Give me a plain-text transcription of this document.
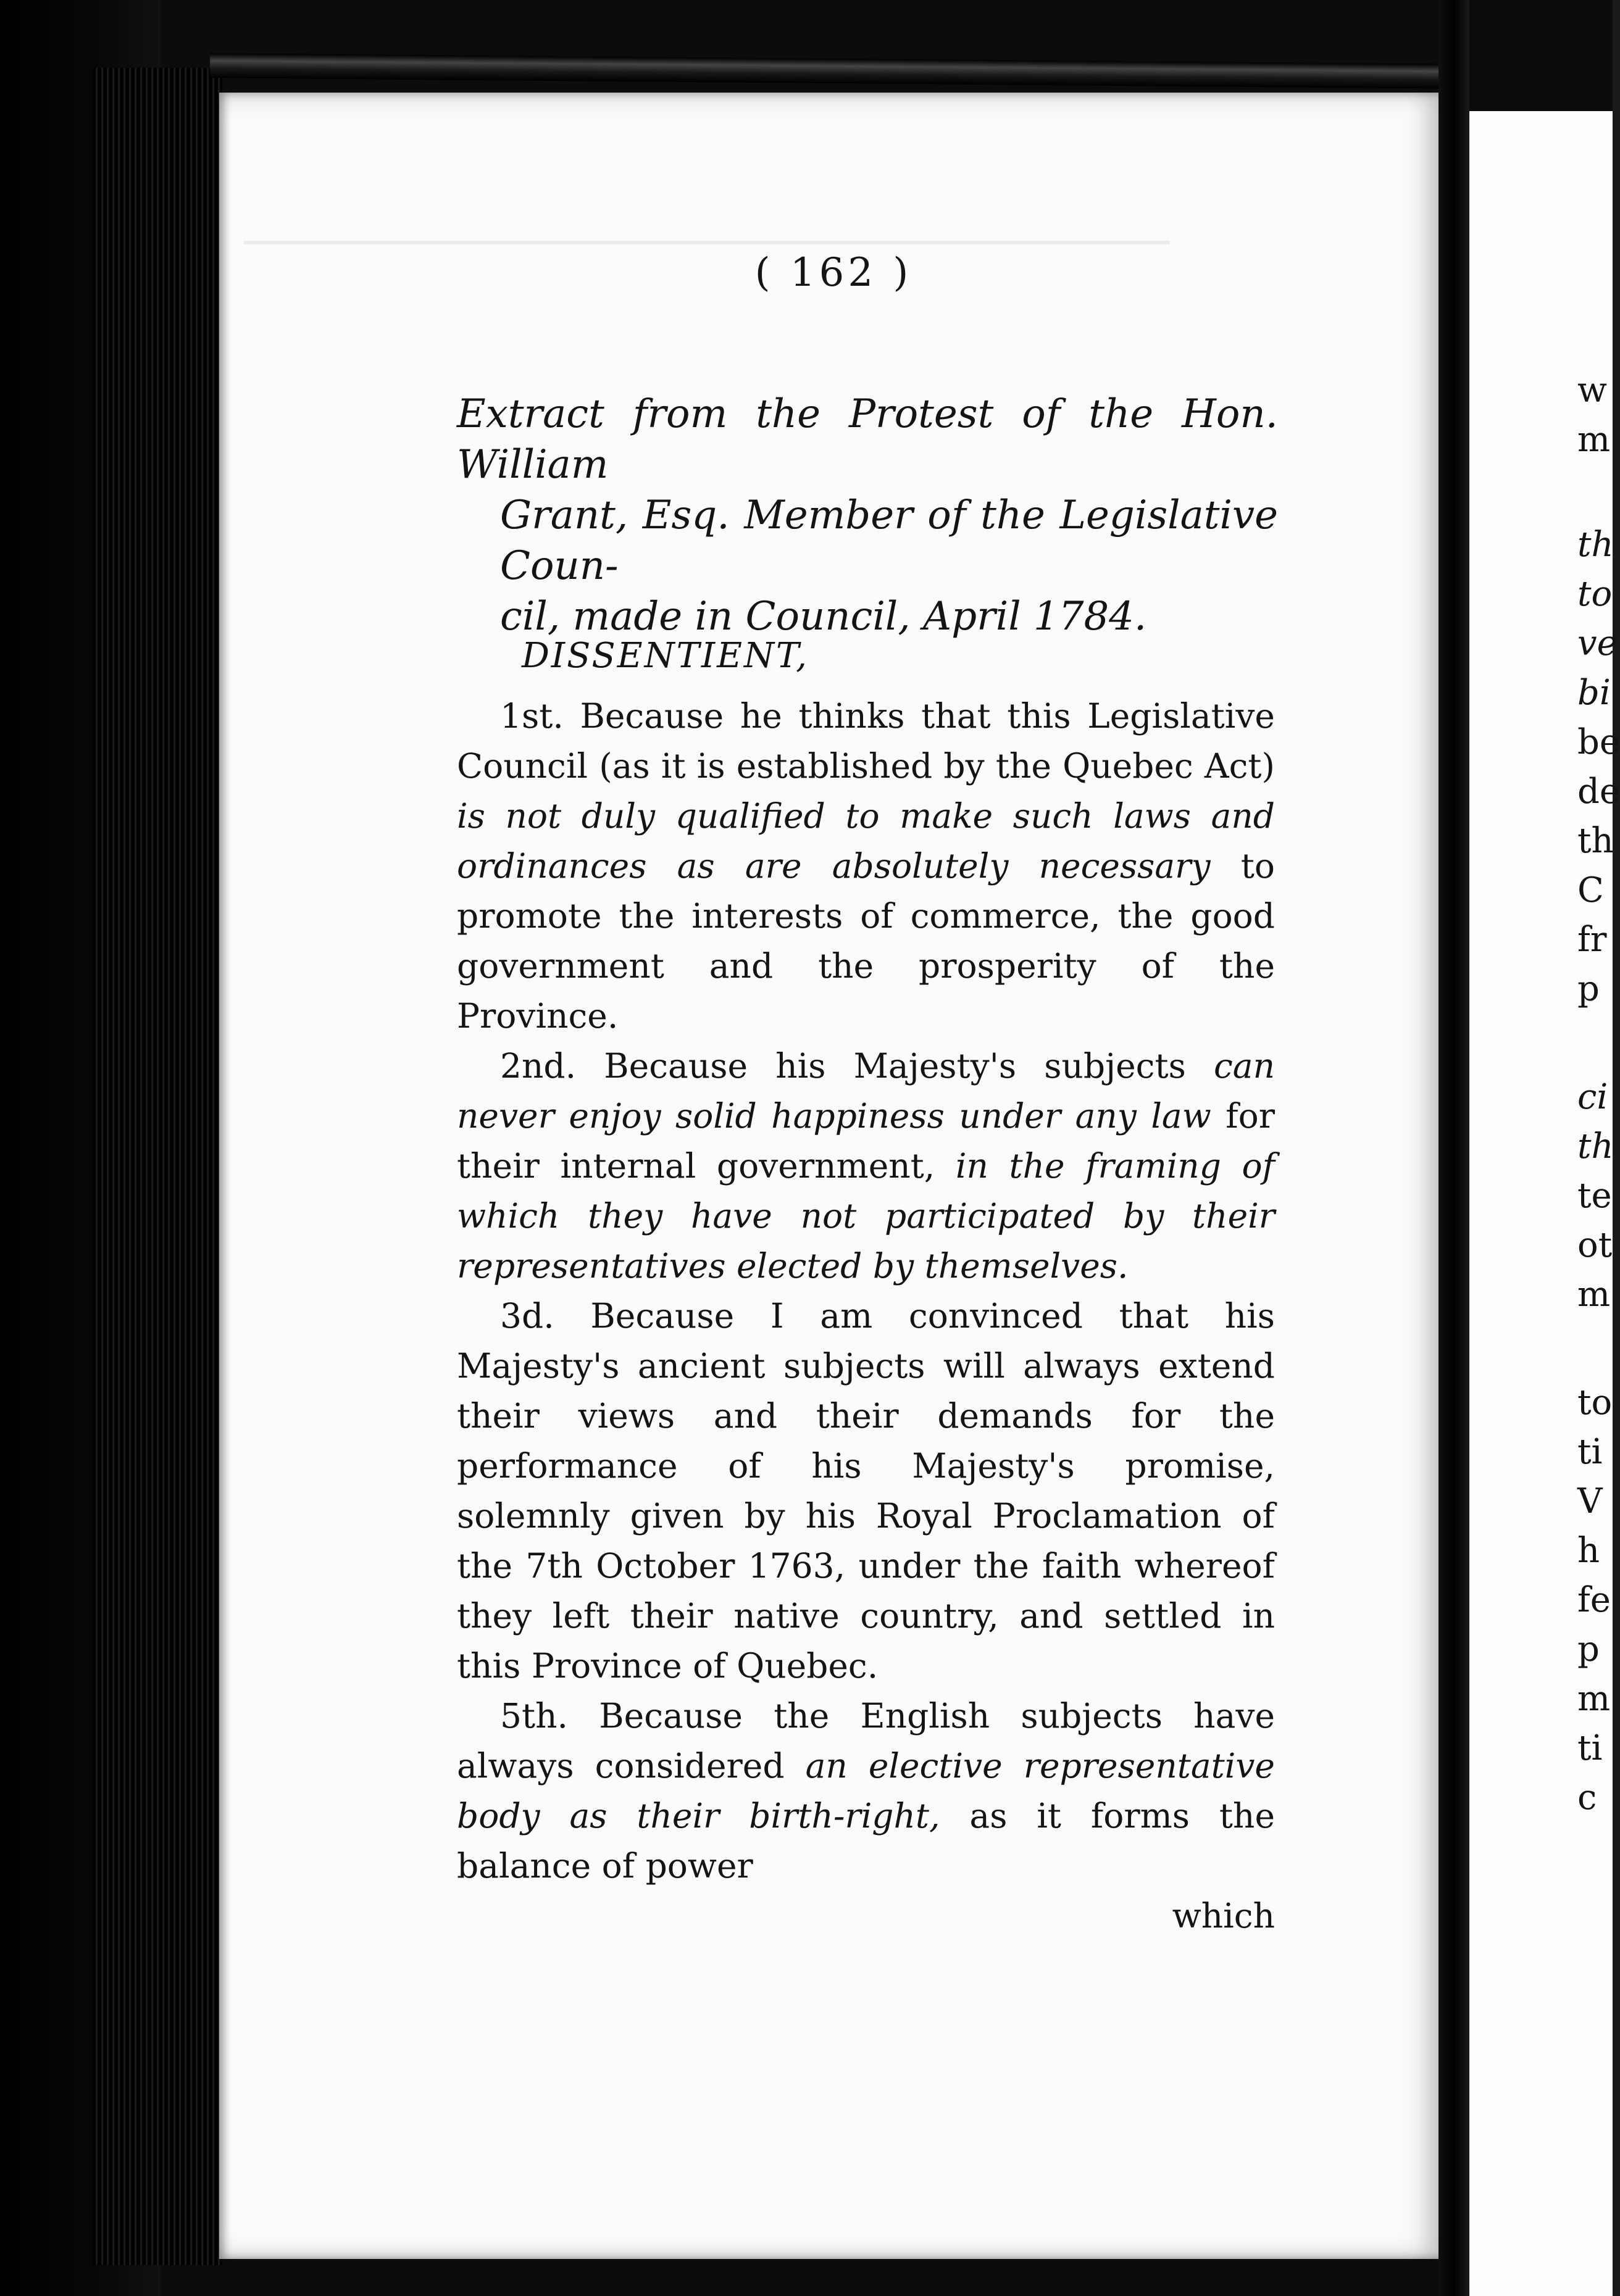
( 162 )
Extract from the Protest of the Hon. William
Grant, Esq. Member of the Legislative Coun-
cil, made in Council, April 1784.
DISSENTIENT,

1st. Because he thinks that this Legislative Council (as it is established by the Quebec Act) is not duly qualified to make such laws and ordinances as are absolutely necessary to promote the interests of commerce, the good government and the prosperity of the Province.

2nd. Because his Majesty's subjects can never enjoy solid happiness under any law for their internal government, in the framing of which they have not participated by their representatives elected by themselves.

3d. Because I am convinced that his Majesty's ancient subjects will always extend their views and their demands for the performance of his Majesty's promise, solemnly given by his Royal Proclamation of the 7th October 1763, under the faith whereof they left their native country, and settled in this Province of Quebec.

5th. Because the English subjects have always considered an elective representative body as their birth-right, as it forms the balance of power

which
w
m
th
to
ve
bi
be
de
th
C
fr
p
ci
th
te
ot
m
to
ti
V
h
fe
p
m
ti
c
